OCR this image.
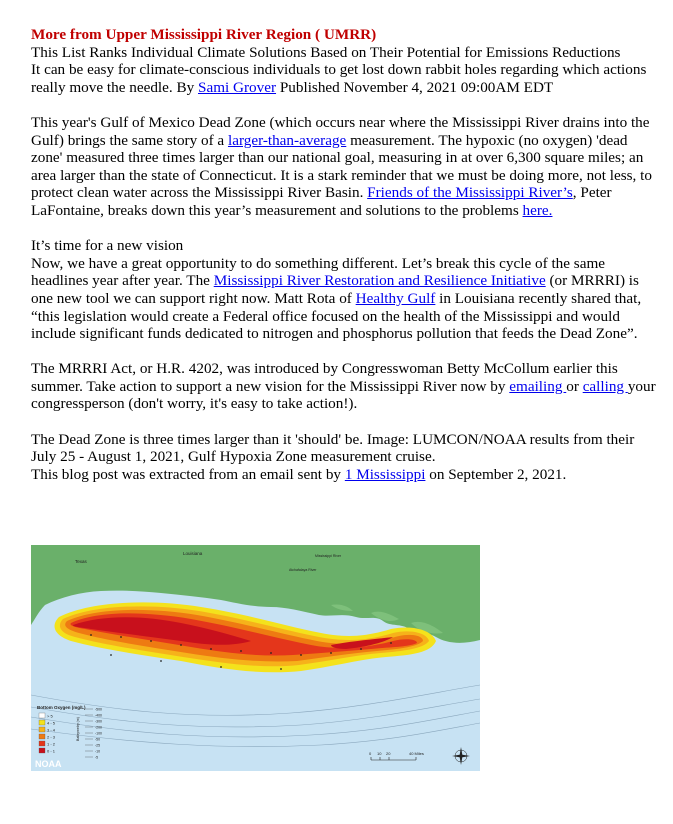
More from Upper Mississippi River Region ( UMRR)

This List Ranks Individual Climate Solutions Based on Their Potential for Emissions Reductions

It can be easy for climate-conscious individuals to get lost down rabbit holes regarding which actions really move the needle. By Sami Grover Published November 4, 2021 09:00AM EDT

This year's Gulf of Mexico Dead Zone (which occurs near where the Mississippi River drains into the Gulf) brings the same story of a larger-than-average measurement. The hypoxic (no oxygen) 'dead zone' measured three times larger than our national goal, measuring in at over 6,300 square miles; an area larger than the state of Connecticut. It is a stark reminder that we must be doing more, not less, to protect clean water across the Mississippi River Basin. Friends of the Mississippi River’s, Peter LaFontaine, breaks down this year’s measurement and solutions to the problems here.

It’s time for a new vision

Now, we have a great opportunity to do something different. Let’s break this cycle of the same headlines year after year. The Mississippi River Restoration and Resilience Initiative (or MRRRI) is one new tool we can support right now. Matt Rota of Healthy Gulf in Louisiana recently shared that, “this legislation would create a Federal office focused on the health of the Mississippi and would include significant funds dedicated to nitrogen and phosphorus pollution that feeds the Dead Zone”.

The MRRRI Act, or H.R. 4202, was introduced by Congresswoman Betty McCollum earlier this summer. Take action to support a new vision for the Mississippi River now by emailing or calling your congressperson (don't worry, it's easy to take action!).

The Dead Zone is three times larger than it 'should' be. Image: LUMCON/NOAA results from their July 25 - August 1, 2021, Gulf Hypoxia Zone measurement cruise.

This blog post was extracted from an email sent by 1 Mississippi on September 2, 2021.

Texas
Louisiana	Mississippi River
Atchafalaya River
Bottom Oxygen (mg/L)
> 5
4 - 5
3 - 4
2 - 3
1 - 2
0 - 1
Bathymetry (m)
-500
-400
-300
-200
-100
-50
-25
-10
-5
0 10 20	40 Miles
NOAA
